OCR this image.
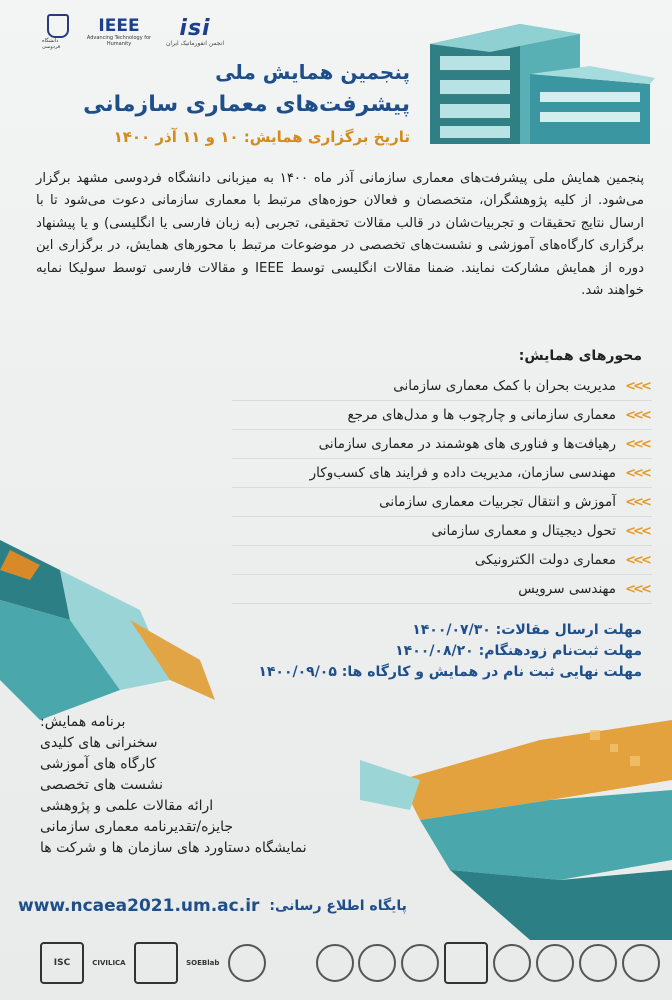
isi
انجمن انفورماتیک ایران
IEEE
Advancing Technology for Humanity
دانشگاه فردوسی
پنجمین همایش ملی
پیشرفت‌های معماری سازمانی
تاریخ برگزاری همایش: ۱۰ و ۱۱ آذر ۱۴۰۰
پنجمین همایش ملی پیشرفت‌های معماری سازمانی آذر ماه ۱۴۰۰ به میزبانی دانشگاه فردوسی مشهد برگزار می‌شود. از کلیه پژوهشگران، متخصصان و فعالان حوزه‌های مرتبط با معماری سازمانی دعوت می‌شود تا با ارسال نتایج تحقیقات و تجربیات‌شان در قالب مقالات تحقیقی، تجربی (به زبان فارسی یا انگلیسی) و یا پیشنهاد برگزاری کارگاه‌های آموزشی و نشست‌های تخصصی در موضوعات مرتبط با محورهای همایش، در برگزاری این دوره از همایش مشارکت نمایند. ضمنا مقالات انگلیسی توسط IEEE و مقالات فارسی توسط سولیکا نمایه خواهند شد.
محورهای همایش:
<<<
مدیریت بحران با کمک معماری سازمانی
<<<
معماری سازمانی و چارچوب ها و مدل‌های مرجع
<<<
رهیافت‌ها و فناوری های هوشمند در معماری سازمانی
<<<
مهندسی سازمان، مدیریت داده و فرایند های کسب‌وکار
<<<
آموزش و انتقال تجربیات معماری سازمانی
<<<
تحول دیجیتال و معماری سازمانی
<<<
معماری دولت الکترونیکی
<<<
مهندسی سرویس
مهلت ارسال مقالات: ۱۴۰۰/۰۷/۳۰
مهلت ثبت‌نام زودهنگام: ۱۴۰۰/۰۸/۲۰
مهلت نهایی ثبت نام در همایش و کارگاه ها: ۱۴۰۰/۰۹/۰۵
برنامه همایش:
سخنرانی های کلیدی
کارگاه های آموزشی
نشست های تخصصی
ارائه مقالات علمی و پژوهشی
جایزه/تقدیرنامه معماری سازمانی
نمایشگاه دستاورد های سازمان ها و شرکت ها
www.ncaea2021.um.ac.ir پایگاه اطلاع رسانی:
ISC	CIVILICA	SOEBlab
